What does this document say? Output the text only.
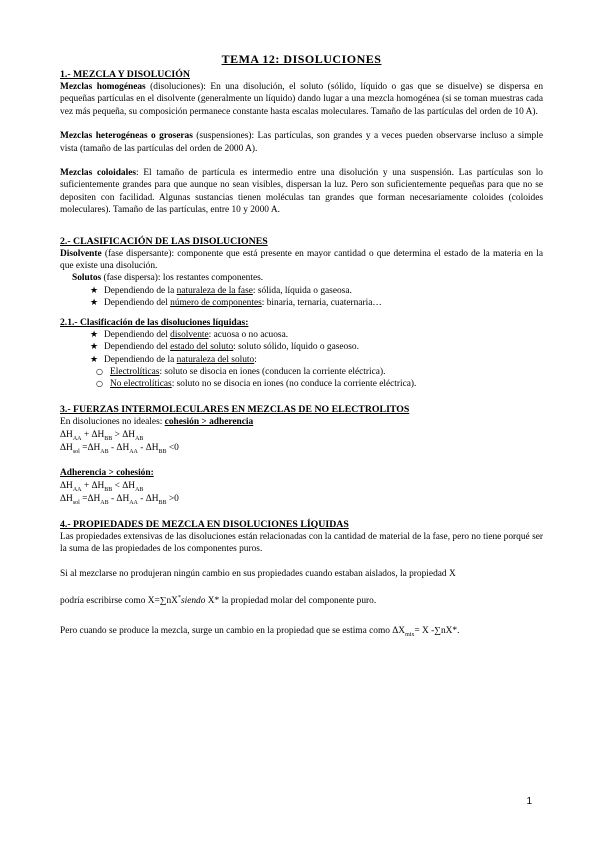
TEMA 12: DISOLUCIONES
1.- MEZCLA Y DISOLUCIÓN

Mezclas homogéneas (disoluciones): En una disolución, el soluto (sólido, líquido o gas que se disuelve) se dispersa en pequeñas partículas en el disolvente (generalmente un líquido) dando lugar a una mezcla homogénea (si se toman muestras cada vez más pequeña, su composición permanece constante hasta escalas moleculares. Tamaño de las partículas del orden de 10 A).

Mezclas heterogéneas o groseras (suspensiones): Las partículas, son grandes y a veces pueden observarse incluso a simple vista (tamaño de las partículas del orden de 2000 A).

Mezclas coloidales: El tamaño de partícula es intermedio entre una disolución y una suspensión. Las partículas son lo suficientemente grandes para que aunque no sean visibles, dispersan la luz. Pero son suficientemente pequeñas para que no se depositen con facilidad. Algunas sustancias tienen moléculas tan grandes que forman necesariamente coloides (coloides moleculares). Tamaño de las partículas, entre 10 y 2000 A.

2.- CLASIFICACIÓN DE LAS DISOLUCIONES

Disolvente (fase dispersante): componente que está presente en mayor cantidad o que determina el estado de la materia en la que existe una disolución.

Solutos (fase dispersa): los restantes componentes.

★ Dependiendo de la naturaleza de la fase: sólida, líquida o gaseosa.
★ Dependiendo del número de componentes: binaria, ternaria, cuaternaria…
2.1.- Clasificación de las disoluciones líquidas:
★ Dependiendo del disolvente: acuosa o no acuosa.
★ Dependiendo del estado del soluto: soluto sólido, líquido o gaseoso.
★ Dependiendo de la naturaleza del soluto:
○ Electrolíticas: soluto se disocia en iones (conducen la corriente eléctrica).
○ No electrolíticas: soluto no se disocia en iones (no conduce la corriente eléctrica).
3.- FUERZAS INTERMOLECULARES EN MEZCLAS DE NO ELECTROLITOS

En disoluciones no ideales: cohesión > adherencia

$\Delta H_{AA} + \Delta H_{BB} > \Delta H_{AB}$

$\Delta H_{sol} =\Delta H_{AB} - \Delta H_{AA} - \Delta H_{BB} <0$

Adherencia > cohesión:

$\Delta H_{AA} + \Delta H_{BB} < \Delta H_{AB}$

$\Delta H_{sol} =\Delta H_{AB} - \Delta H_{AA} - \Delta H_{BB} >0$

4.- PROPIEDADES DE MEZCLA EN DISOLUCIONES LÍQUIDAS

Las propiedades extensivas de las disoluciones están relacionadas con la cantidad de material de la fase, pero no tiene porqué ser la suma de las propiedades de los componentes puros.

Si al mezclarse no produjeran ningún cambio en sus propiedades cuando estaban aislados, la propiedad X

podría escribirse como X=∑nX*siendo X* la propiedad molar del componente puro.

Pero cuando se produce la mezcla, surge un cambio en la propiedad que se estima como $\Delta X_{mix}= X$ -∑nX*.

1
